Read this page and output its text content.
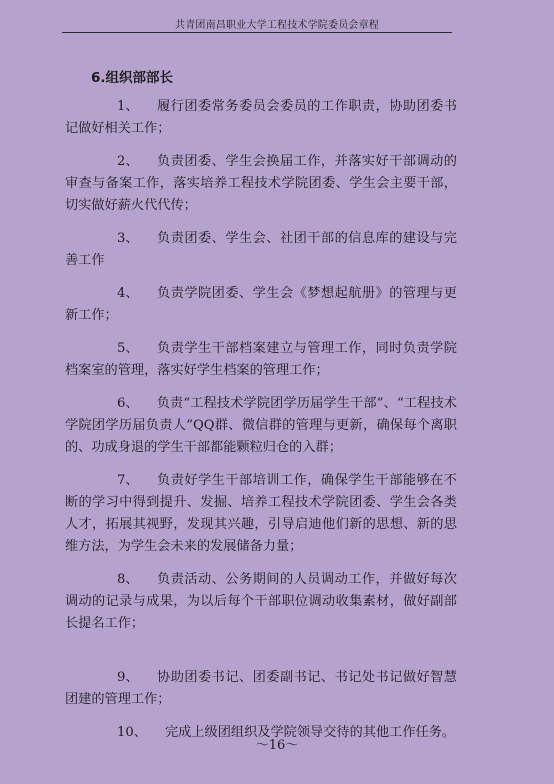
共青团南昌职业大学工程技术学院委员会章程
6.组织部部长

1、 履行团委常务委员会委员的工作职责，协助团委书记做好相关工作；

2、 负责团委、学生会换届工作，并落实好干部调动的审查与备案工作，落实培养工程技术学院团委、学生会主要干部，切实做好薪火代代传；

3、 负责团委、学生会、社团干部的信息库的建设与完善工作

4、 负责学院团委、学生会《梦想起航册》的管理与更新工作；

5、 负责学生干部档案建立与管理工作，同时负责学院档案室的管理，落实好学生档案的管理工作；

6、 负责“工程技术学院团学历届学生干部”、“工程技术学院团学历届负责人”QQ群、微信群的管理与更新，确保每个离职的、功成身退的学生干部都能颗粒归仓的入群；

7、 负责好学生干部培训工作，确保学生干部能够在不断的学习中得到提升、发掘、培养工程技术学院团委、学生会各类人才，拓展其视野，发现其兴趣，引导启迪他们新的思想、新的思维方法，为学生会未来的发展储备力量；

8、 负责活动、公务期间的人员调动工作，并做好每次调动的记录与成果，为以后每个干部职位调动收集素材，做好副部长提名工作；

9、 协助团委书记、团委副书记、书记处书记做好智慧团建的管理工作；

10、 完成上级团组织及学院领导交待的其他工作任务。

～16～
